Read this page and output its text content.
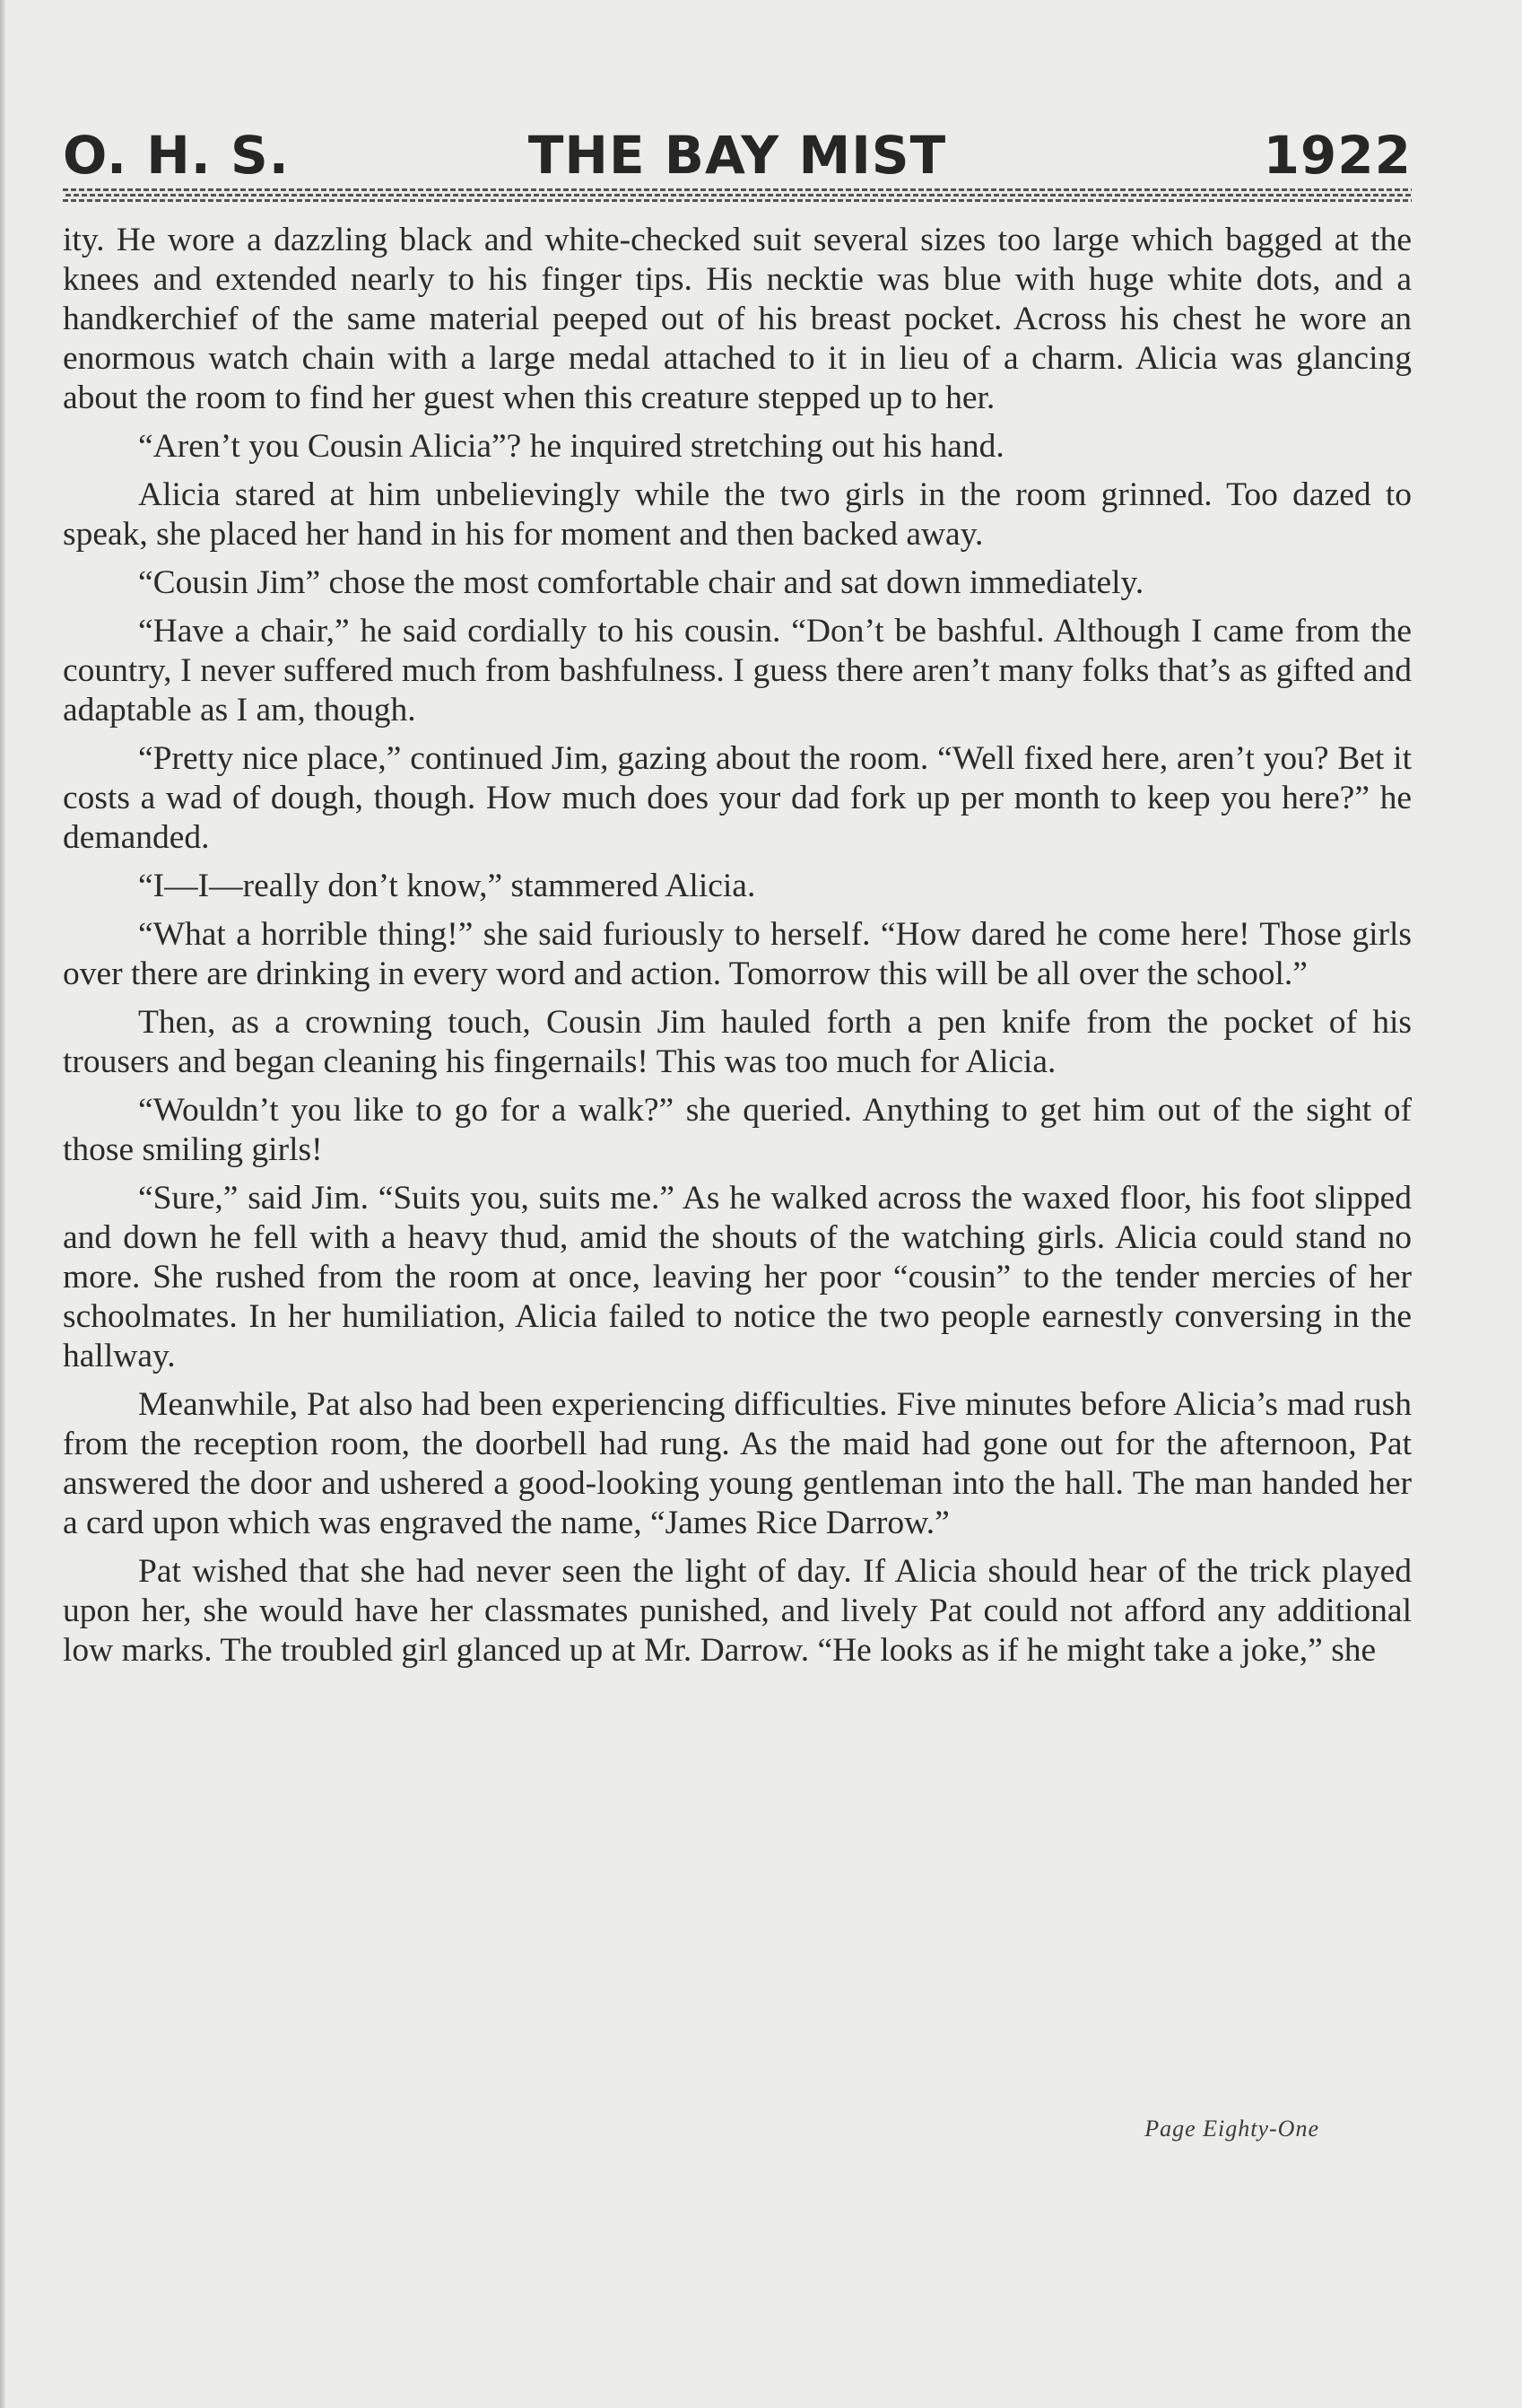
THE BAY MIST
O. H. S.	1922

ity. He wore a dazzling black and white-checked suit several sizes too large which bagged at the knees and extended nearly to his finger tips. His necktie was blue with huge white dots, and a handkerchief of the same material peeped out of his breast pocket. Across his chest he wore an enormous watch chain with a large medal attached to it in lieu of a charm. Alicia was glancing about the room to find her guest when this creature stepped up to her.

“Aren’t you Cousin Alicia”? he inquired stretching out his hand.

Alicia stared at him unbelievingly while the two girls in the room grinned. Too dazed to speak, she placed her hand in his for moment and then backed away.

“Cousin Jim” chose the most comfortable chair and sat down immediately.

“Have a chair,” he said cordially to his cousin. “Don’t be bashful. Although I came from the country, I never suffered much from bashfulness. I guess there aren’t many folks that’s as gifted and adaptable as I am, though.

“Pretty nice place,” continued Jim, gazing about the room. “Well fixed here, aren’t you? Bet it costs a wad of dough, though. How much does your dad fork up per month to keep you here?” he demanded.

“I—I—really don’t know,” stammered Alicia.

“What a horrible thing!” she said furiously to herself. “How dared he come here! Those girls over there are drinking in every word and action. Tomorrow this will be all over the school.”

Then, as a crowning touch, Cousin Jim hauled forth a pen knife from the pocket of his trousers and began cleaning his fingernails! This was too much for Alicia.

“Wouldn’t you like to go for a walk?” she queried. Anything to get him out of the sight of those smiling girls!

“Sure,” said Jim. “Suits you, suits me.” As he walked across the waxed floor, his foot slipped and down he fell with a heavy thud, amid the shouts of the watching girls. Alicia could stand no more. She rushed from the room at once, leaving her poor “cousin” to the tender mercies of her schoolmates. In her humiliation, Alicia failed to notice the two people earnestly conversing in the hallway.

Meanwhile, Pat also had been experiencing difficulties. Five minutes before Alicia’s mad rush from the reception room, the doorbell had rung. As the maid had gone out for the afternoon, Pat answered the door and ushered a good-looking young gentleman into the hall. The man handed her a card upon which was engraved the name, “James Rice Darrow.”

Pat wished that she had never seen the light of day. If Alicia should hear of the trick played upon her, she would have her classmates punished, and lively Pat could not afford any additional low marks. The troubled girl glanced up at Mr. Darrow. “He looks as if he might take a joke,” she

Page Eighty-One
